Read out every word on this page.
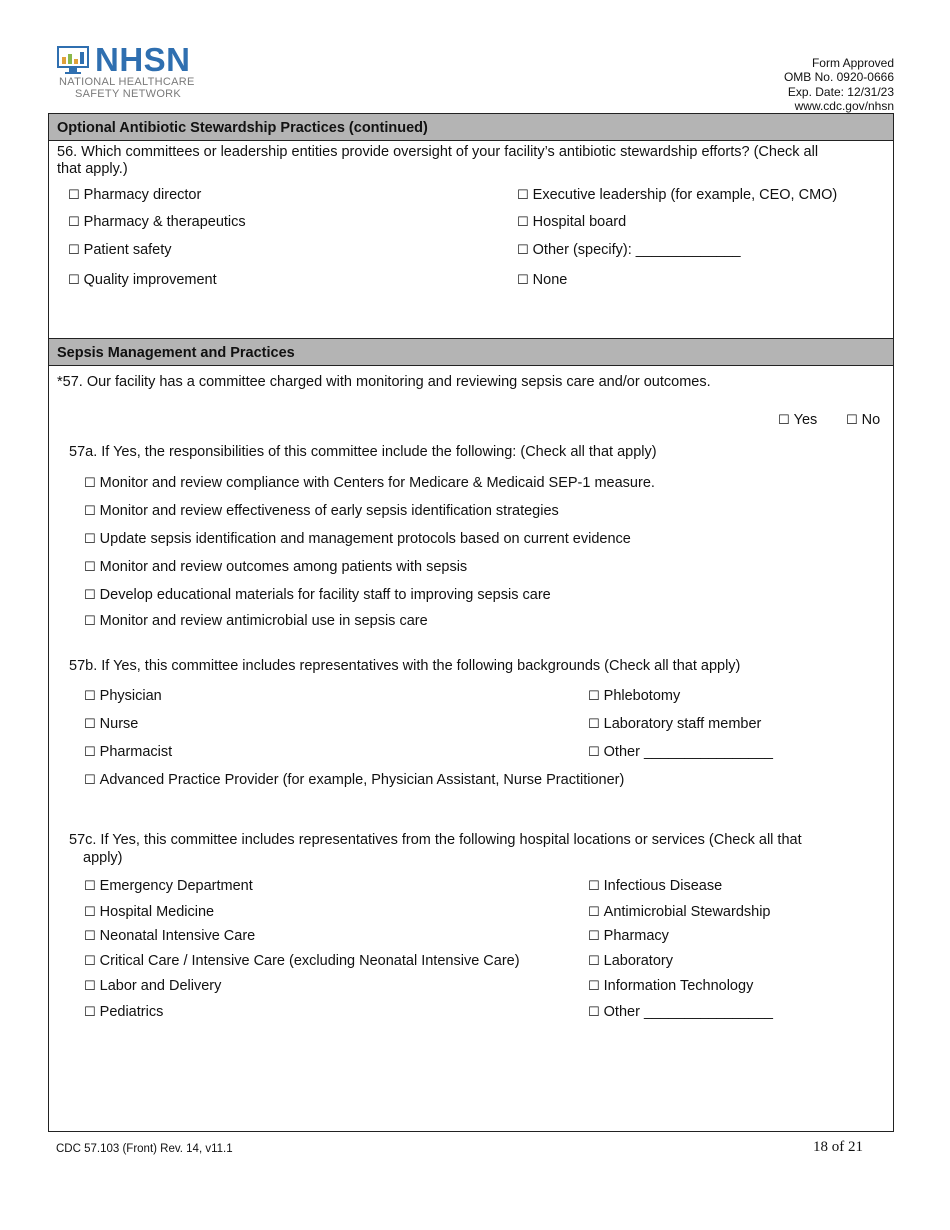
NHSN
NATIONAL HEALTHCARE
SAFETY NETWORK
Form Approved
OMB No. 0920-0666
Exp. Date: 12/31/23
www.cdc.gov/nhsn
Optional Antibiotic Stewardship Practices (continued)
56. Which committees or leadership entities provide oversight of your facility’s antibiotic stewardship efforts? (Check all
that apply.)
☐ Pharmacy director
☐ Pharmacy & therapeutics
☐ Patient safety
☐ Quality improvement
☐ Executive leadership (for example, CEO, CMO)
☐ Hospital board
☐ Other (specify): _____________
☐ None
Sepsis Management and Practices
*57. Our facility has a committee charged with monitoring and reviewing sepsis care and/or outcomes.
☐ Yes ☐ No
57a. If Yes, the responsibilities of this committee include the following: (Check all that apply)
☐ Monitor and review compliance with Centers for Medicare & Medicaid SEP-1 measure.
☐ Monitor and review effectiveness of early sepsis identification strategies
☐ Update sepsis identification and management protocols based on current evidence
☐ Monitor and review outcomes among patients with sepsis
☐ Develop educational materials for facility staff to improving sepsis care
☐ Monitor and review antimicrobial use in sepsis care
57b. If Yes, this committee includes representatives with the following backgrounds (Check all that apply)
☐ Physician
☐ Nurse
☐ Pharmacist
☐ Advanced Practice Provider (for example, Physician Assistant, Nurse Practitioner)
☐ Phlebotomy
☐ Laboratory staff member
☐ Other ________________
57c. If Yes, this committee includes representatives from the following hospital locations or services (Check all that
apply)
☐ Emergency Department
☐ Hospital Medicine
☐ Neonatal Intensive Care
☐ Critical Care / Intensive Care (excluding Neonatal Intensive Care)
☐ Labor and Delivery
☐ Pediatrics
☐ Infectious Disease
☐ Antimicrobial Stewardship
☐ Pharmacy
☐ Laboratory
☐ Information Technology
☐ Other ________________
CDC 57.103 (Front) Rev. 14, v11.1	18 of 21
